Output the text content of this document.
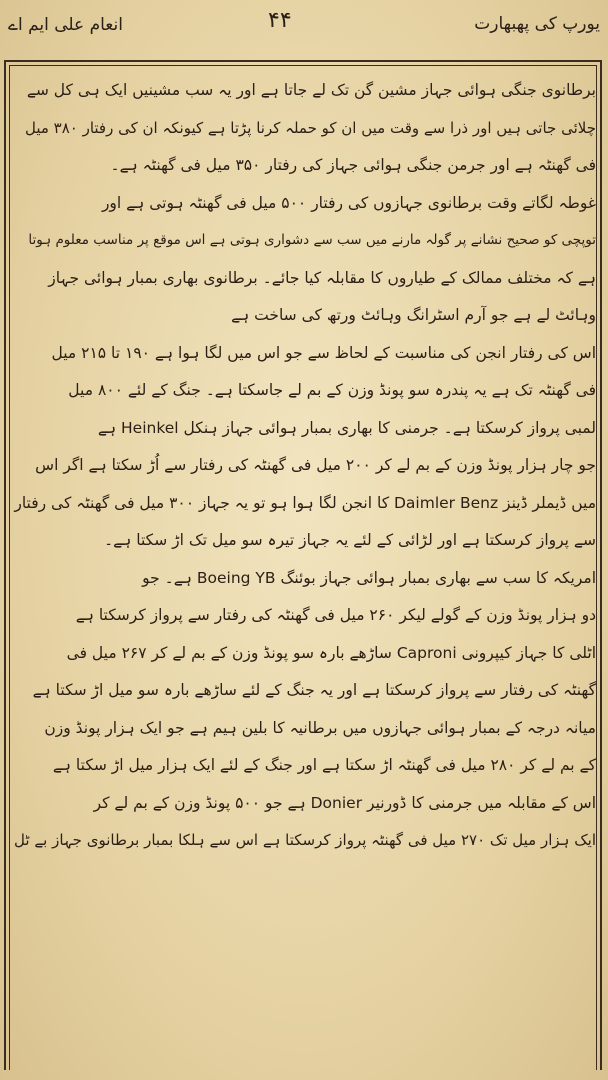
یورپ کی پھبھارت
۴۴
انعام علی ایم اے
برطانوی جنگی ہوائی جہاز مشین گن تک لے جاتا ہے اور یہ سب مشینیں ایک ہی کل سے
چلائی جاتی ہیں اور ذرا سے وقت میں ان کو حملہ کرنا پڑتا ہے کیونکہ ان کی رفتار ۳۸۰ میل
فی گھنٹہ ہے اور جرمن جنگی ہوائی جہاز کی رفتار ۳۵۰ میل فی گھنٹہ ہے۔
غوطہ لگاتے وقت برطانوی جہازوں کی رفتار ۵۰۰ میل فی گھنٹہ ہوتی ہے اور
توپچی کو صحیح نشانے پر گولہ مارنے میں سب سے دشواری ہوتی ہے اس موقع پر مناسب معلوم ہوتا
ہے کہ مختلف ممالک کے طیاروں کا مقابلہ کیا جائے۔ برطانوی بھاری بمبار ہوائی جہاز
وہائٹ لے ہے جو آرم اسٹرانگ وہائٹ ورتھ کی ساخت ہے
اس کی رفتار انجن کی مناسبت کے لحاظ سے جو اس میں لگا ہوا ہے ۱۹۰ تا ۲۱۵ میل
فی گھنٹہ تک ہے یہ پندرہ سو پونڈ وزن کے بم لے جاسکتا ہے۔ جنگ کے لئے ۸۰۰ میل
لمبی پرواز کرسکتا ہے۔ جرمنی کا بھاری بمبار ہوائی جہاز ہنکل Heinkel ہے
جو چار ہزار پونڈ وزن کے بم لے کر ۲۰۰ میل فی گھنٹہ کی رفتار سے اُڑ سکتا ہے اگر اس
میں ڈیملر ڈینز Daimler Benz کا انجن لگا ہوا ہو تو یہ جہاز ۳۰۰ میل فی گھنٹہ کی رفتار
سے پرواز کرسکتا ہے اور لڑائی کے لئے یہ جہاز تیرہ سو میل تک اڑ سکتا ہے۔
امریکہ کا سب سے بھاری بمبار ہوائی جہاز بوئنگ Boeing YB ہے۔ جو
دو ہزار پونڈ وزن کے گولے لیکر ۲۶۰ میل فی گھنٹہ کی رفتار سے پرواز کرسکتا ہے
اٹلی کا جہاز کیپرونی Caproni ساڑھے بارہ سو پونڈ وزن کے بم لے کر ۲۶۷ میل فی
گھنٹہ کی رفتار سے پرواز کرسکتا ہے اور یہ جنگ کے لئے ساڑھے بارہ سو میل اڑ سکتا ہے
میانہ درجہ کے بمبار ہوائی جہازوں میں برطانیہ کا بلین ہیم ہے جو ایک ہزار پونڈ وزن
کے بم لے کر ۲۸۰ میل فی گھنٹہ اڑ سکتا ہے اور جنگ کے لئے ایک ہزار میل اڑ سکتا ہے
اس کے مقابلہ میں جرمنی کا ڈورنیر Donier ہے جو ۵۰۰ پونڈ وزن کے بم لے کر
ایک ہزار میل تک ۲۷۰ میل فی گھنٹہ پرواز کرسکتا ہے اس سے ہلکا بمبار برطانوی جہاز بے ٹل
